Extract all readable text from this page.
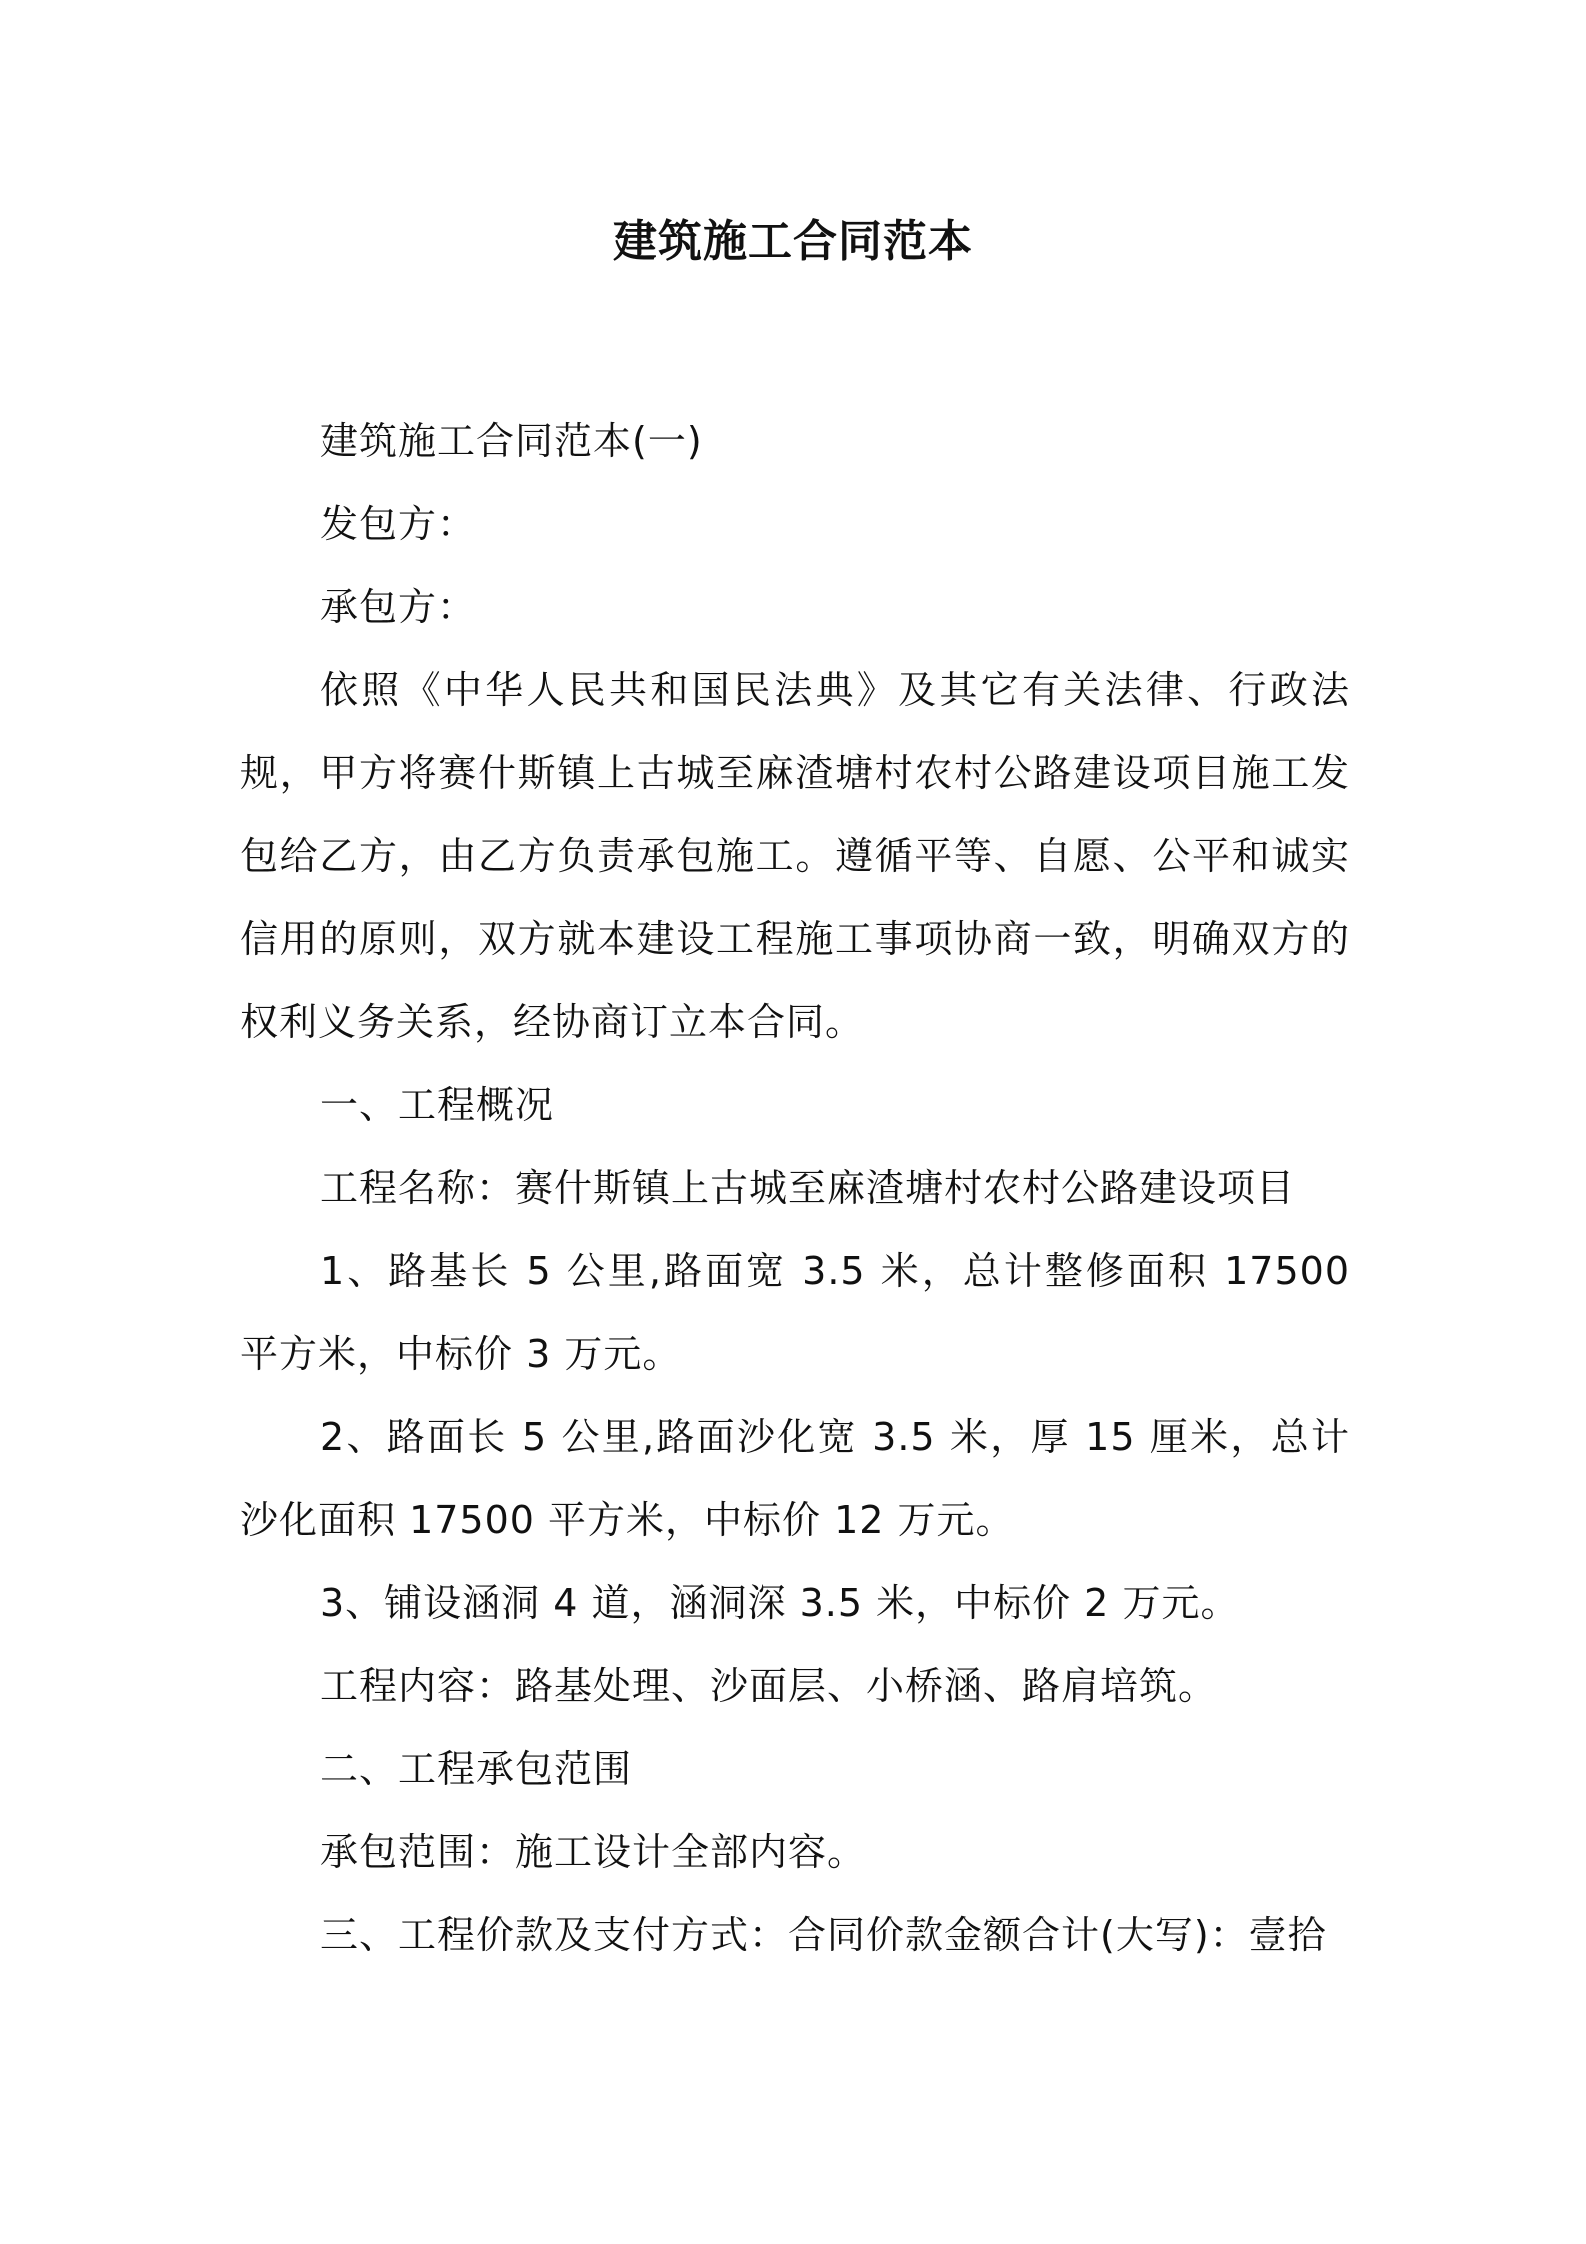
建筑施工合同范本

建筑施工合同范本(一)

发包方：

承包方：

依照《中华人民共和国民法典》及其它有关法律、行政法规，甲方将赛什斯镇上古城至麻渣塘村农村公路建设项目施工发包给乙方，由乙方负责承包施工。遵循平等、自愿、公平和诚实信用的原则，双方就本建设工程施工事项协商一致，明确双方的权利义务关系，经协商订立本合同。

一、工程概况

工程名称：赛什斯镇上古城至麻渣塘村农村公路建设项目

1、路基长 5 公里,路面宽 3.5 米，总计整修面积 17500 平方米，中标价 3 万元。

2、路面长 5 公里,路面沙化宽 3.5 米，厚 15 厘米，总计沙化面积 17500 平方米，中标价 12 万元。

3、铺设涵洞 4 道，涵洞深 3.5 米，中标价 2 万元。

工程内容：路基处理、沙面层、小桥涵、路肩培筑。

二、工程承包范围

承包范围：施工设计全部内容。

三、工程价款及支付方式：合同价款金额合计(大写)：壹拾
